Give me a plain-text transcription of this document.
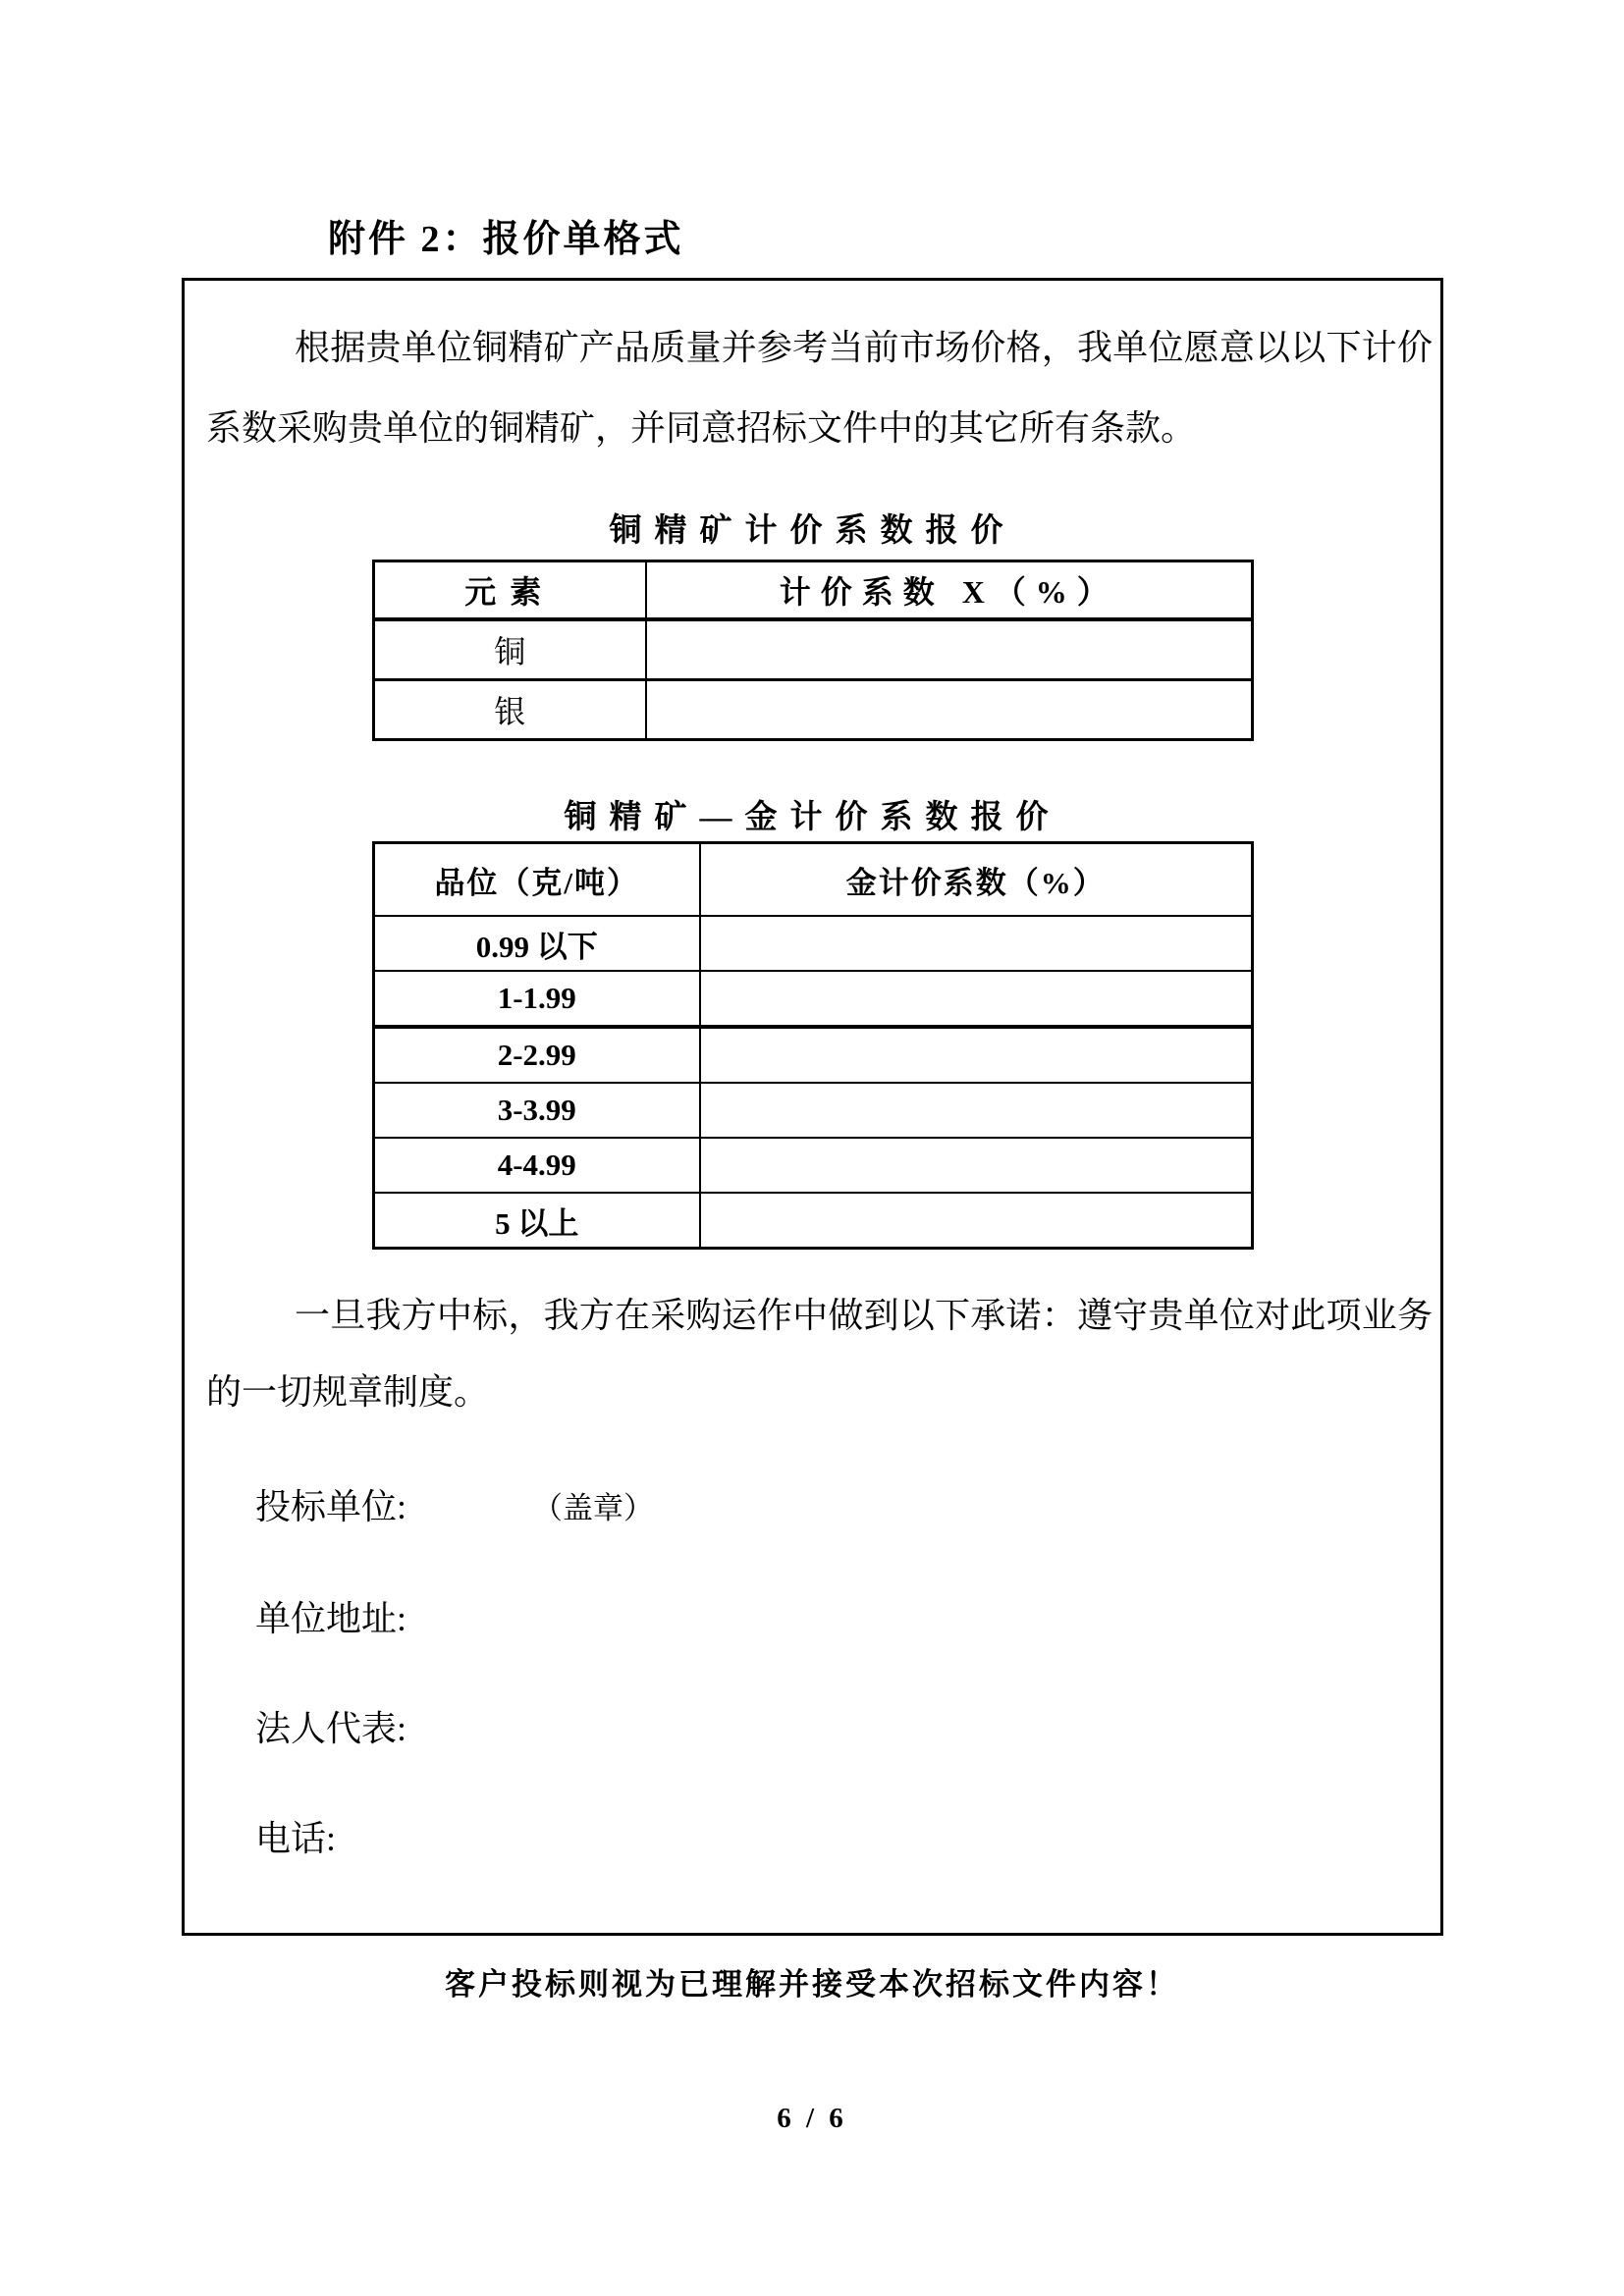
附件 2：报价单格式

根据贵单位铜精矿产品质量并参考当前市场价格，我单位愿意以以下计价系数采购贵单位的铜精矿，并同意招标文件中的其它所有条款。

铜精矿计价系数报价
元素	计价系数 X（%）
铜	
银	
铜精矿—金计价系数报价
品位（克/吨）	金计价系数（%）
0.99 以下	
1-1.99	
2-2.99	
3-3.99	
4-4.99	
5 以上	

一旦我方中标，我方在采购运作中做到以下承诺：遵守贵单位对此项业务的一切规章制度。

投标单位:	（盖章）
单位地址:
法人代表:
电话:
客户投标则视为已理解并接受本次招标文件内容！
6 / 6
